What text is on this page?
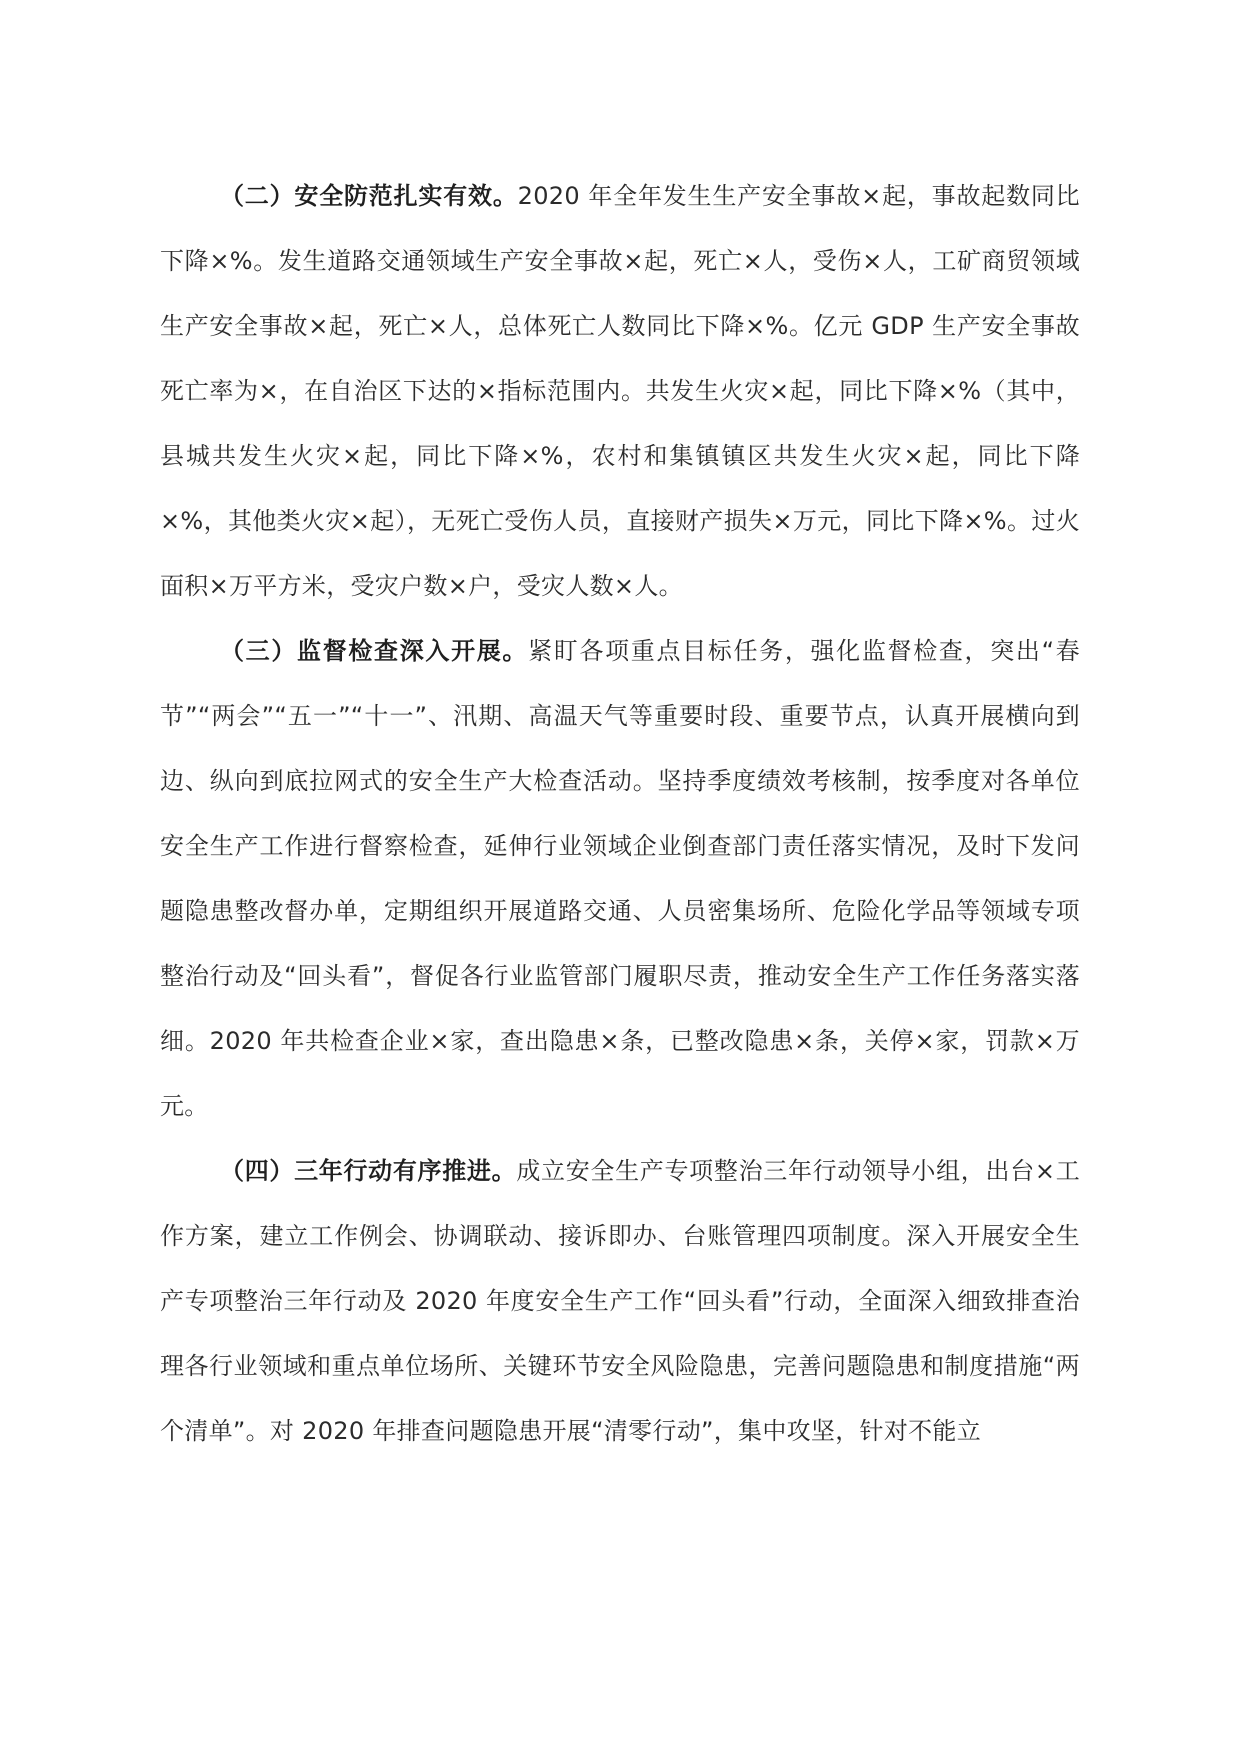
（二）安全防范扎实有效。2020 年全年发生生产安全事故×起，事故起数同比下降×%。发生道路交通领域生产安全事故×起，死亡×人，受伤×人，工矿商贸领域生产安全事故×起，死亡×人，总体死亡人数同比下降×%。亿元 GDP 生产安全事故死亡率为×，在自治区下达的×指标范围内。共发生火灾×起，同比下降×%（其中，县城共发生火灾×起，同比下降×%，农村和集镇镇区共发生火灾×起，同比下降×%，其他类火灾×起），无死亡受伤人员，直接财产损失×万元，同比下降×%。过火面积×万平方米，受灾户数×户，受灾人数×人。

（三）监督检查深入开展。紧盯各项重点目标任务，强化监督检查，突出“春节”“两会”“五一”“十一”、汛期、高温天气等重要时段、重要节点，认真开展横向到边、纵向到底拉网式的安全生产大检查活动。坚持季度绩效考核制，按季度对各单位安全生产工作进行督察检查，延伸行业领域企业倒查部门责任落实情况，及时下发问题隐患整改督办单，定期组织开展道路交通、人员密集场所、危险化学品等领域专项整治行动及“回头看”，督促各行业监管部门履职尽责，推动安全生产工作任务落实落细。2020 年共检查企业×家，查出隐患×条，已整改隐患×条，关停×家，罚款×万元。

（四）三年行动有序推进。成立安全生产专项整治三年行动领导小组，出台×工作方案，建立工作例会、协调联动、接诉即办、台账管理四项制度。深入开展安全生产专项整治三年行动及 2020 年度安全生产工作“回头看”行动，全面深入细致排查治理各行业领域和重点单位场所、关键环节安全风险隐患，完善问题隐患和制度措施“两个清单”。对 2020 年排查问题隐患开展“清零行动”，集中攻坚，针对不能立
